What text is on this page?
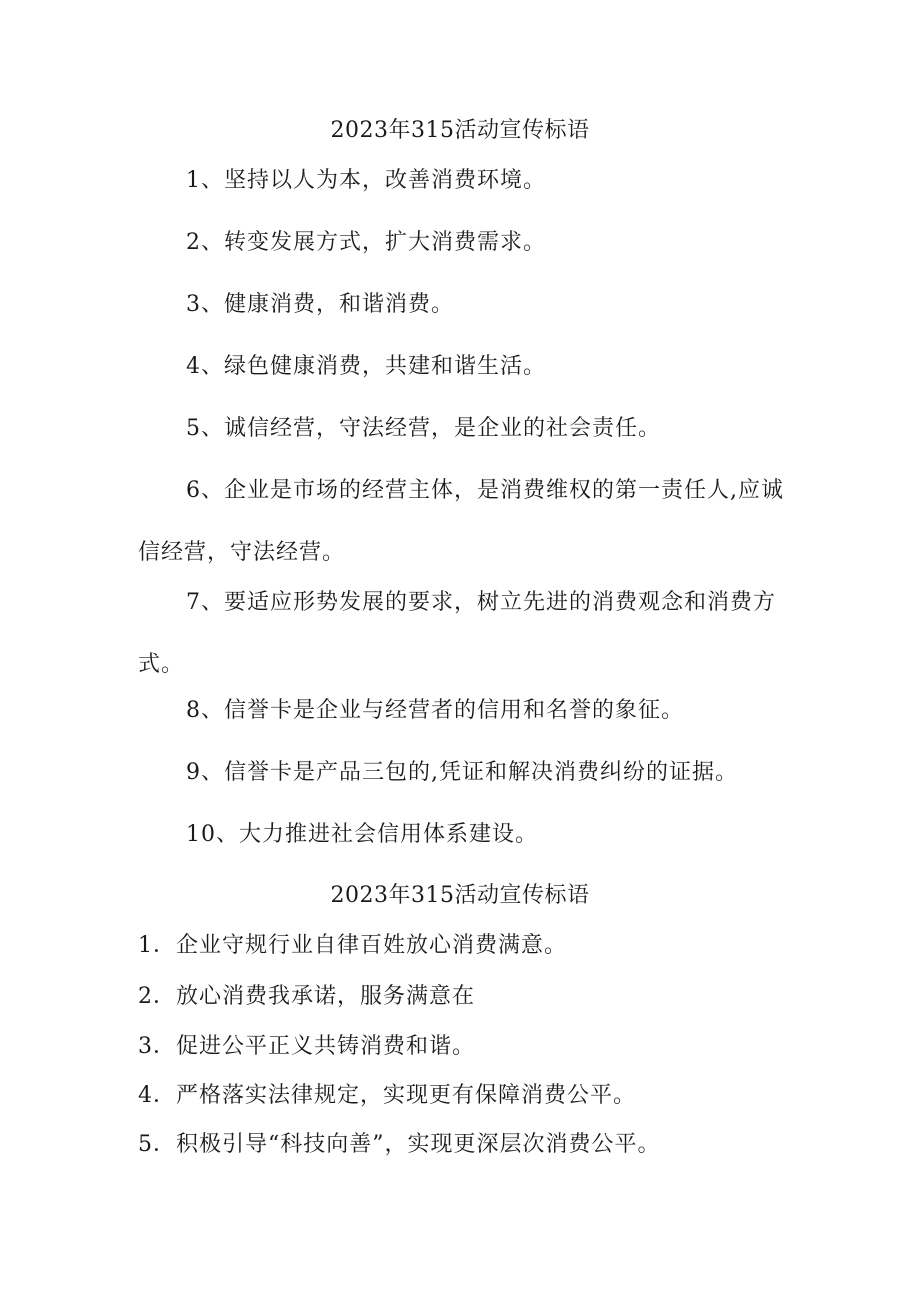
2023年315活动宣传标语
1、坚持以人为本，改善消费环境。
2、转变发展方式，扩大消费需求。
3、健康消费，和谐消费。
4、绿色健康消费，共建和谐生活。
5、诚信经营，守法经营，是企业的社会责任。
6、企业是市场的经营主体，是消费维权的第一责任人,应诚信经营，守法经营。
7、要适应形势发展的要求，树立先进的消费观念和消费方式。
8、信誉卡是企业与经营者的信用和名誉的象征。
9、信誉卡是产品三包的,凭证和解决消费纠纷的证据。
10、大力推进社会信用体系建设。
2023年315活动宣传标语
1．企业守规行业自律百姓放心消费满意。
2．放心消费我承诺，服务满意在
3．促进公平正义共铸消费和谐。
4．严格落实法律规定，实现更有保障消费公平。
5．积极引导“科技向善”，实现更深层次消费公平。
